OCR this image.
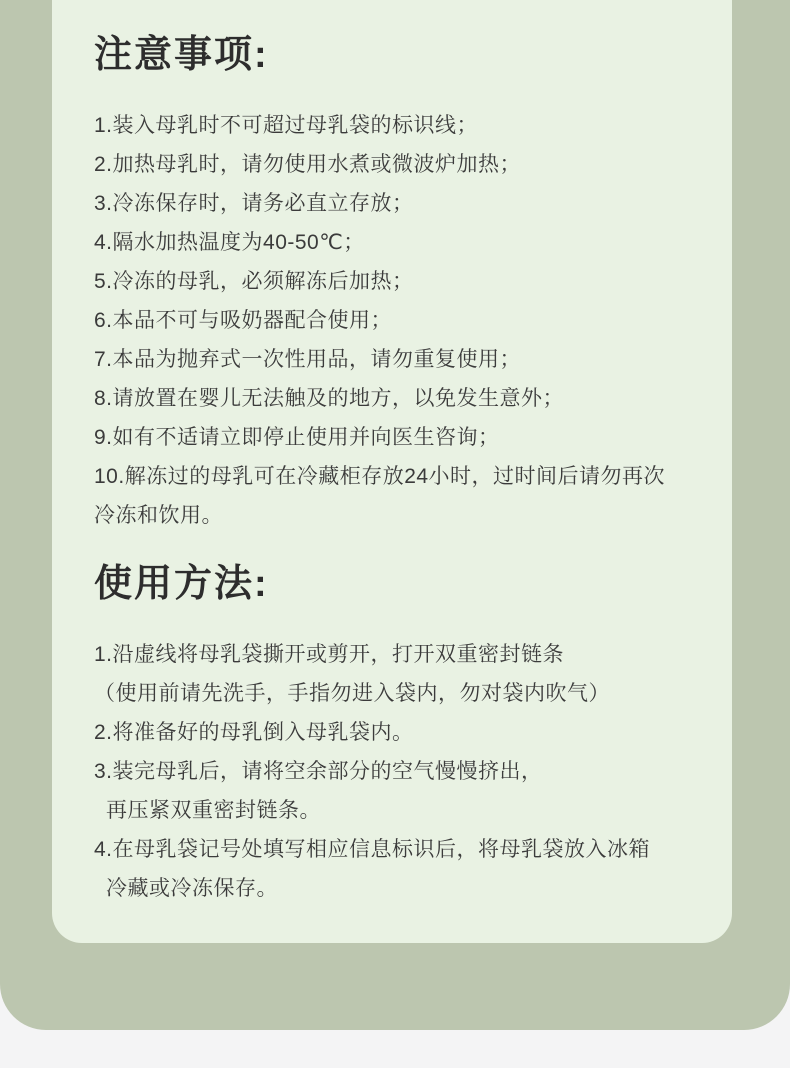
注意事项:
1.装入母乳时不可超过母乳袋的标识线；
2.加热母乳时，请勿使用水煮或微波炉加热；
3.冷冻保存时，请务必直立存放；
4.隔水加热温度为40-50℃；
5.冷冻的母乳，必须解冻后加热；
6.本品不可与吸奶器配合使用；
7.本品为抛弃式一次性用品，请勿重复使用；
8.请放置在婴儿无法触及的地方，以免发生意外；
9.如有不适请立即停止使用并向医生咨询；
10.解冻过的母乳可在冷藏柜存放24小时，过时间后请勿再次
冷冻和饮用。
使用方法:
1.沿虚线将母乳袋撕开或剪开，打开双重密封链条
（使用前请先洗手，手指勿进入袋内，勿对袋内吹气）
2.将准备好的母乳倒入母乳袋内。
3.装完母乳后，请将空余部分的空气慢慢挤出，
再压紧双重密封链条。
4.在母乳袋记号处填写相应信息标识后，将母乳袋放入冰箱
冷藏或冷冻保存。
